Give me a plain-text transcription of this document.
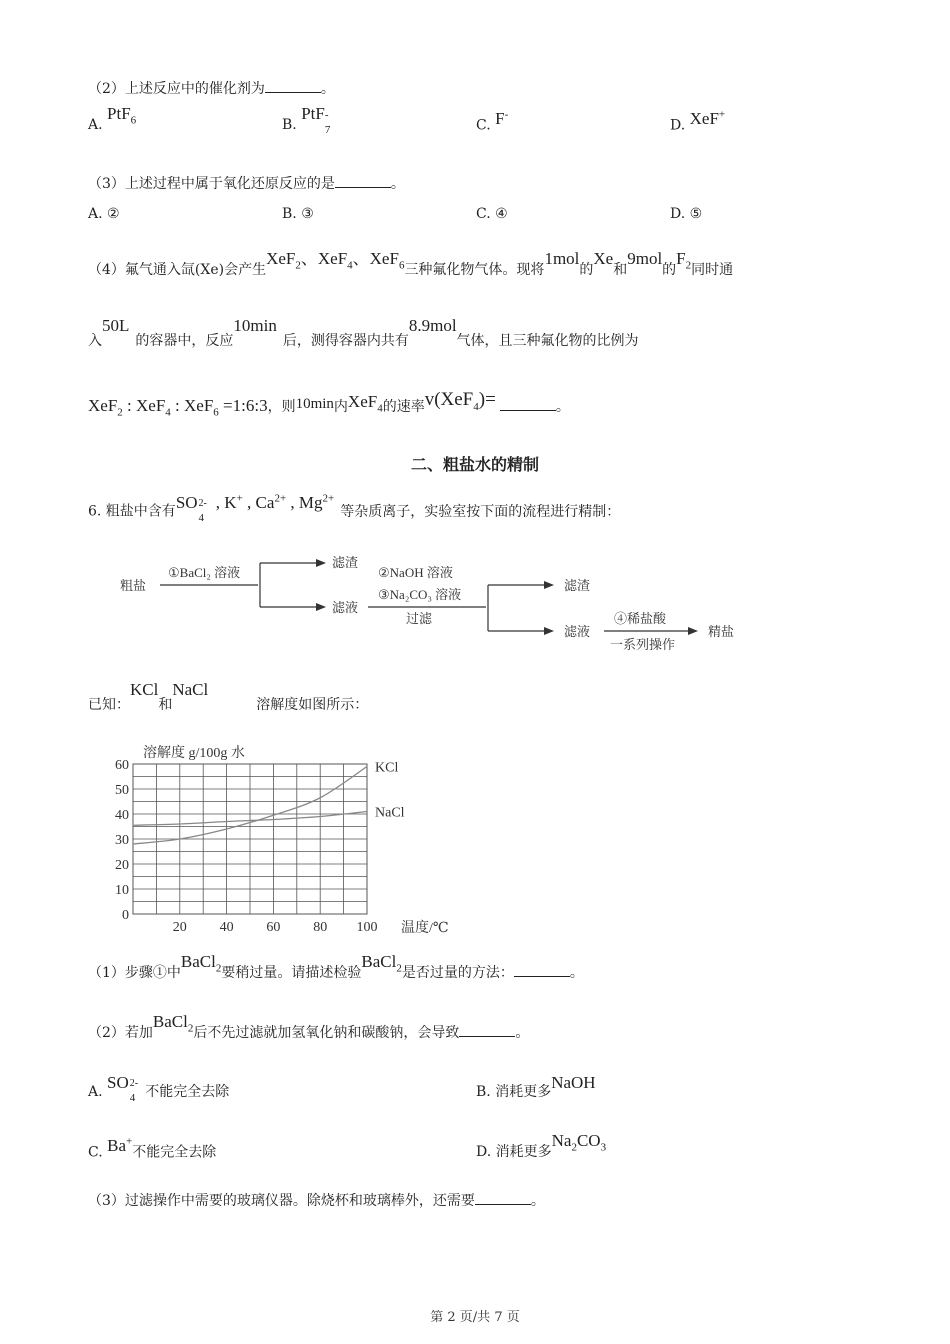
（2）上述反应中的催化剂为	。
A. PtF$_6$	B. PtF -
7	C. F-
D. XeF+
（3）上述过程中属于氧化还原反应的是	。
A. ②	B. ③	C. ④	D. ⑤
（4）氟气通入氙(Xe)会产生XeF$_2$、XeF$_4$、XeF$_6$三种氟化物气体。现将1mol的Xe和9mol的$F_2$同时通
入50L的容器中，反应10min后，测得容器内共有8.9mol气体，且三种氟化物的比例为
XeF$_2$ : XeF$_4$ : XeF$_6$ =1:6:3，则10min内XeF$_4$的速率v(XeF$_4$)=	。
二、粗盐水的精制
6. 粗盐中含有SO 2-
4
, K+ , $Ca^{2+}$ , $Mg^{2+}$等杂质离子，实验室按下面的流程进行精制：
粗盐
①BaCl₂ 溶液
滤渣
滤液
②NaOH 溶液
③Na₂CO₃ 溶液
过滤
滤渣
滤液
④稀盐酸
一系列操作
精盐
已知：KCl和NaCl溶解度如图所示：
溶解度 g/100g 水
0
10
20
30
40
50
60
20 40 60 80 100
KCl
NaCl
温度/℃
（1）步骤①中BaCl$_2$要稍过量。请描述检验BaCl$_2$是否过量的方法：	。
（2）若加BaCl$_2$后不先过滤就加氢氧化钠和碳酸钠，会导致	。
A. SO 2-
4 不能完全去除	B. 消耗更多NaOH
C. Ba+不能完全去除	D. 消耗更多$Na_2CO_3$
（3）过滤操作中需要的玻璃仪器。除烧杯和玻璃棒外，还需要	。
第 2 页/共 7 页
